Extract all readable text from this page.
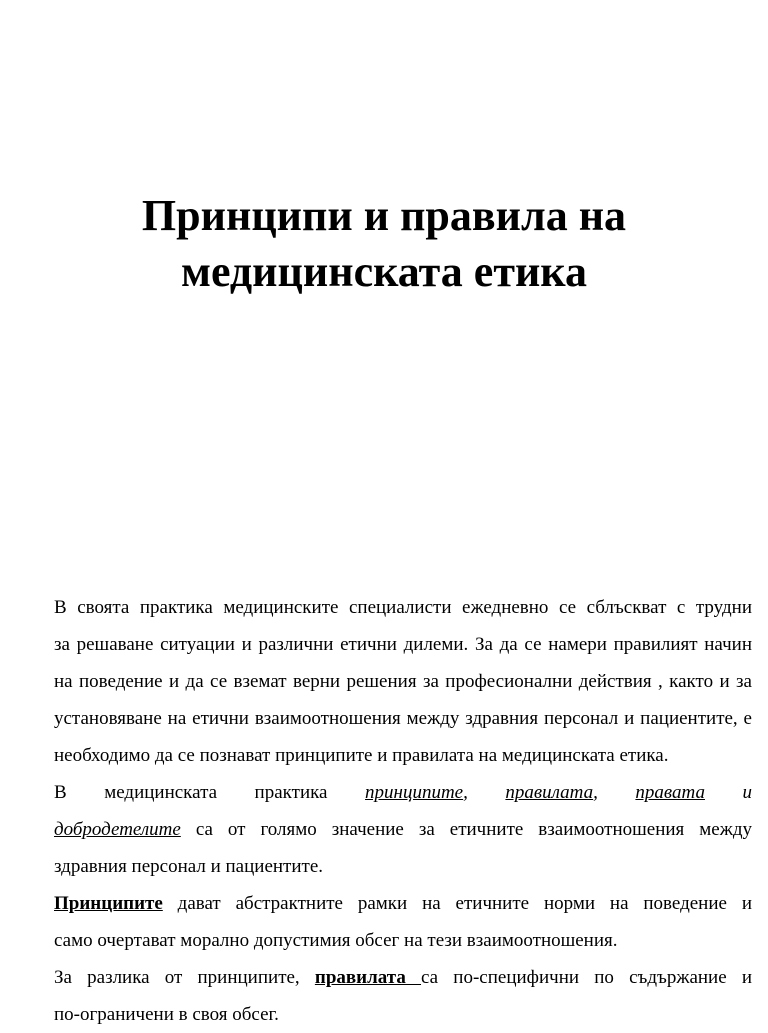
Принципи и правила на
медицинската етика
В своята практика медицинските специалисти ежедневно се сблъскват с трудни
за решаване ситуации и различни етични дилеми. За да се намери правилият начин
на поведение и да се вземат верни решения за професионални действия , както и за
установяване на етични взаимоотношения между здравния персонал и пациентите, е
необходимо да се познават принципите и правилата на медицинската етика.
В медицинската практика принципите, правилата, правата и
добродетелите са от голямо значение за етичните взаимоотношения между
здравния персонал и пациентите.
Принципите дават абстрактните рамки на етичните норми на поведение и
само очертават морално допустимия обсег на тези взаимоотношения.
За разлика от принципите, правилата са по-специфични по съдържание и
по-ограничени в своя обсег.
